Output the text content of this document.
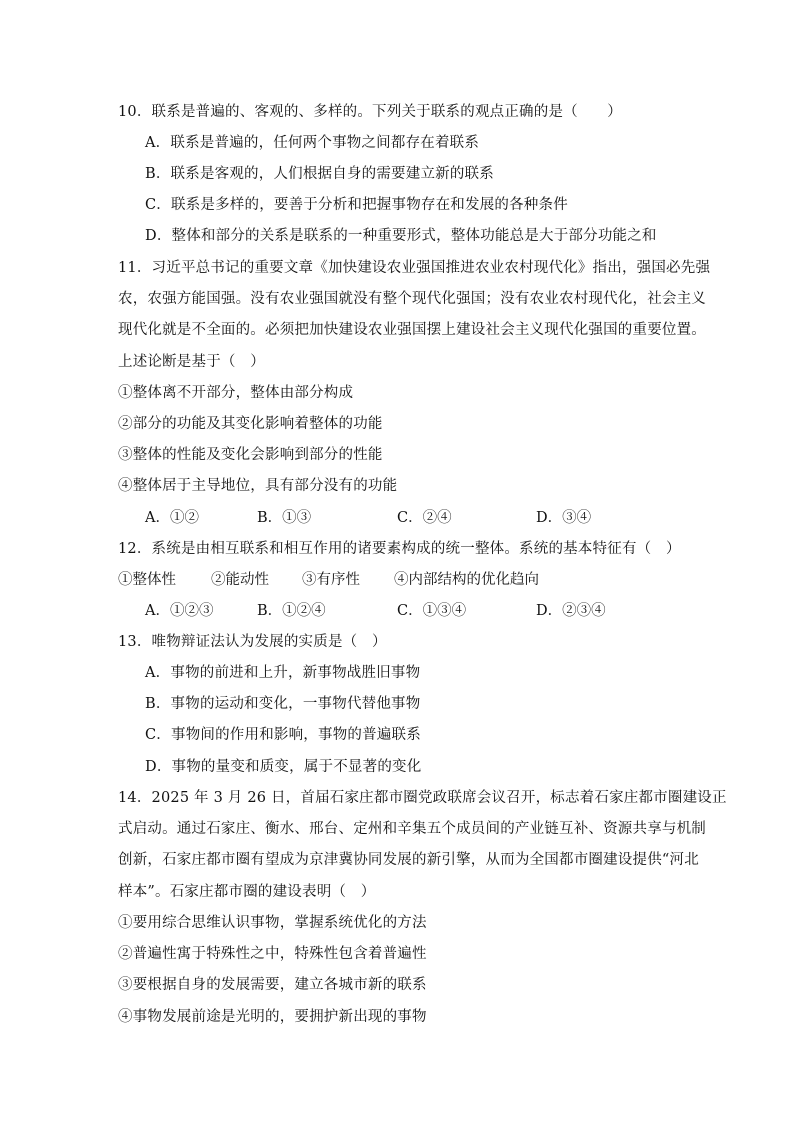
10．联系是普遍的、客观的、多样的。下列关于联系的观点正确的是（　　）
A．联系是普遍的，任何两个事物之间都存在着联系
B．联系是客观的，人们根据自身的需要建立新的联系
C．联系是多样的，要善于分析和把握事物存在和发展的各种条件
D．整体和部分的关系是联系的一种重要形式，整体功能总是大于部分功能之和
11．习近平总书记的重要文章《加快建设农业强国推进农业农村现代化》指出，强国必先强
农，农强方能国强。没有农业强国就没有整个现代化强国；没有农业农村现代化，社会主义
现代化就是不全面的。必须把加快建设农业强国摆上建设社会主义现代化强国的重要位置。
上述论断是基于（　）
①整体离不开部分，整体由部分构成
②部分的功能及其变化影响着整体的功能
③整体的性能及变化会影响到部分的性能
④整体居于主导地位，具有部分没有的功能
A．①②	B．①③	C．②④	D．③④
12．系统是由相互联系和相互作用的诸要素构成的统一整体。系统的基本特征有（　）
①整体性 ②能动性 ③有序性 ④内部结构的优化趋向
A．①②③	B．①②④	C．①③④	D．②③④
13．唯物辩证法认为发展的实质是（　）
A．事物的前进和上升，新事物战胜旧事物
B．事物的运动和变化，一事物代替他事物
C．事物间的作用和影响，事物的普遍联系
D．事物的量变和质变，属于不显著的变化
14．2025 年 3 月 26 日，首届石家庄都市圈党政联席会议召开，标志着石家庄都市圈建设正
式启动。通过石家庄、衡水、邢台、定州和辛集五个成员间的产业链互补、资源共享与机制
创新，石家庄都市圈有望成为京津冀协同发展的新引擎，从而为全国都市圈建设提供“河北
样本”。石家庄都市圈的建设表明（　）
①要用综合思维认识事物，掌握系统优化的方法
②普遍性寓于特殊性之中，特殊性包含着普遍性
③要根据自身的发展需要，建立各城市新的联系
④事物发展前途是光明的，要拥护新出现的事物
